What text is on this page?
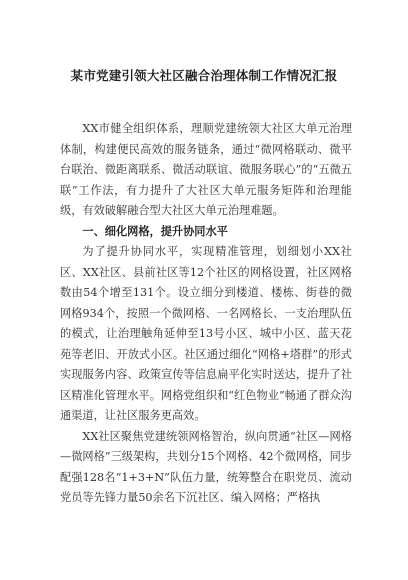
某市党建引领大社区融合治理体制工作情况汇报

XX市健全组织体系，理顺党建统领大社区大单元治理体制，构建便民高效的服务链条，通过“微网格联动、微平台联治、微距离联系、微活动联谊、微服务联心”的“五微五联”工作法，有力提升了大社区大单元服务矩阵和治理能级，有效破解融合型大社区大单元治理难题。

一、细化网格，提升协同水平

为了提升协同水平，实现精准管理，划细划小XX社区、XX社区、县前社区等12个社区的网格设置，社区网格数由54个增至131个。设立细分到楼道、楼栋、街巷的微网格934个，按照一个微网格、一名网格长、一支治理队伍的模式，让治理触角延伸至13号小区、城中小区、蓝天花苑等老旧、开放式小区。社区通过细化“网格+塔群”的形式实现服务内容、政策宣传等信息扁平化实时送达，提升了社区精准化管理水平。网格党组织和“红色物业”畅通了群众沟通渠道，让社区服务更高效。

XX社区聚焦党建统领网格智治，纵向贯通“社区—网格—微网格”三级架构，共划分15个网格、42个微网格，同步配强128名“1+3+N”队伍力量，统筹整合在职党员、流动党员等先锋力量50余名下沉社区、编入网格；严格执
